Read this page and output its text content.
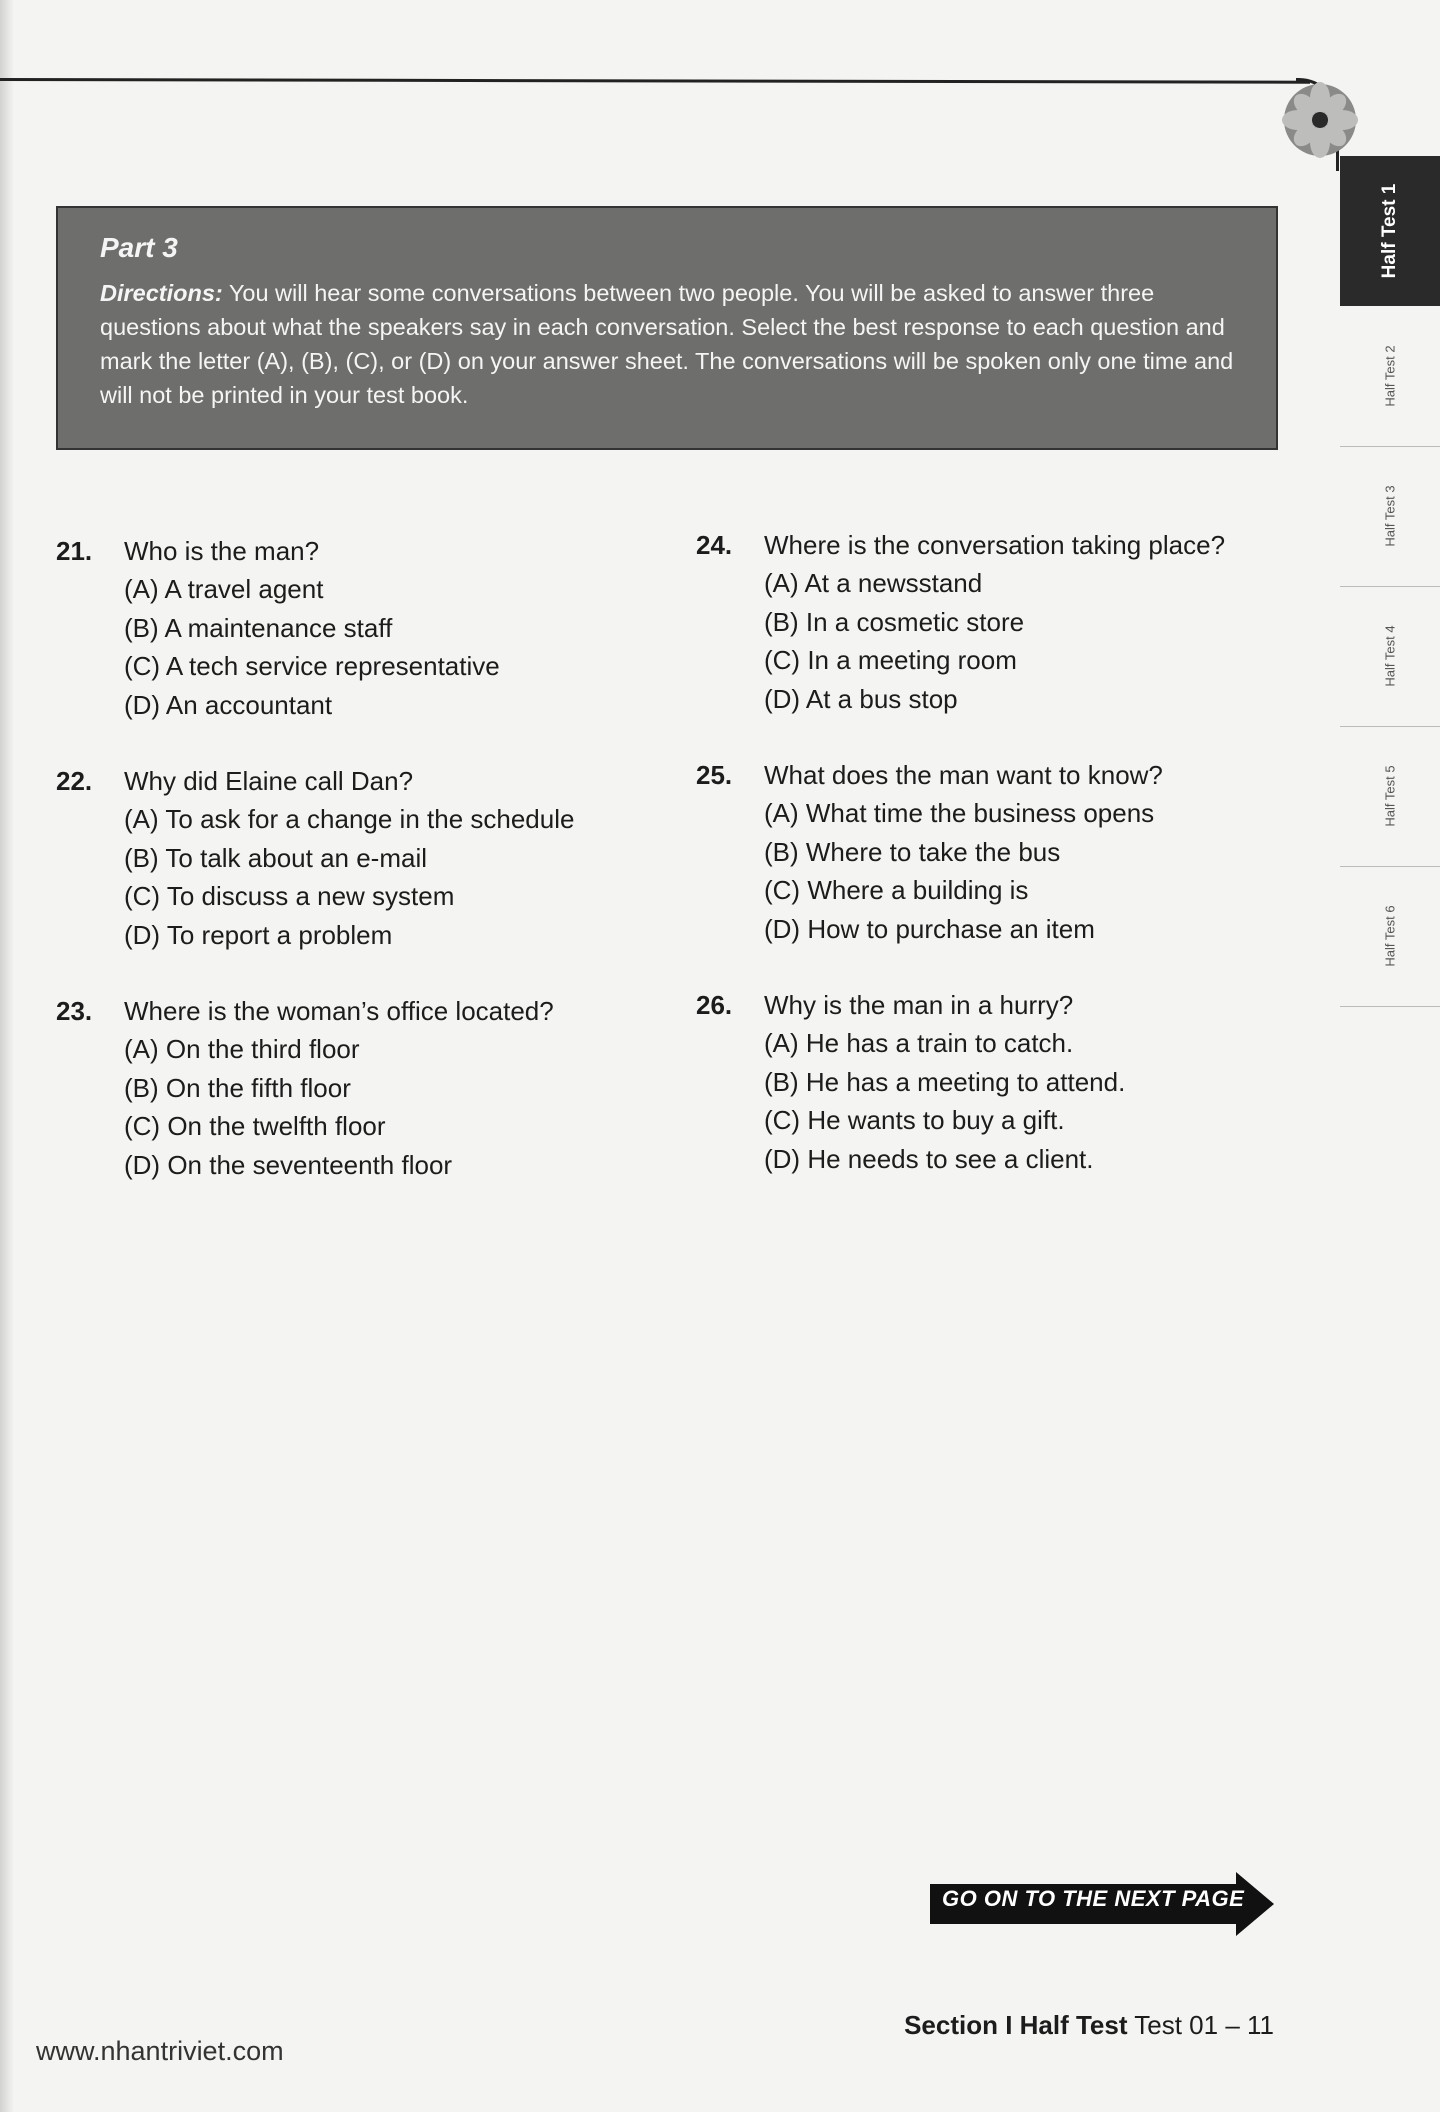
Half Test 1
Half Test 2
Half Test 3
Half Test 4
Half Test 5
Half Test 6

Part 3

Directions: You will hear some conversations between two people. You will be asked to answer three questions about what the speakers say in each conversation. Select the best response to each question and mark the letter (A), (B), (C), or (D) on your answer sheet. The conversations will be spoken only one time and will not be printed in your test book.

21.	Who is the man?
(A) A travel agent
(B) A maintenance staff
(C) A tech service representative
(D) An accountant
22.	Why did Elaine call Dan?
(A) To ask for a change in the schedule
(B) To talk about an e-mail
(C) To discuss a new system
(D) To report a problem
23.	Where is the woman’s office located?
(A) On the third floor
(B) On the fifth floor
(C) On the twelfth floor
(D) On the seventeenth floor
24.	Where is the conversation taking place?
(A) At a newsstand
(B) In a cosmetic store
(C) In a meeting room
(D) At a bus stop
25.	What does the man want to know?
(A) What time the business opens
(B) Where to take the bus
(C) Where a building is
(D) How to purchase an item
26.	Why is the man in a hurry?
(A) He has a train to catch.
(B) He has a meeting to attend.
(C) He wants to buy a gift.
(D) He needs to see a client.
GO ON TO THE NEXT PAGE
Section I Half Test Test 01 – 11
www.nhantriviet.com
